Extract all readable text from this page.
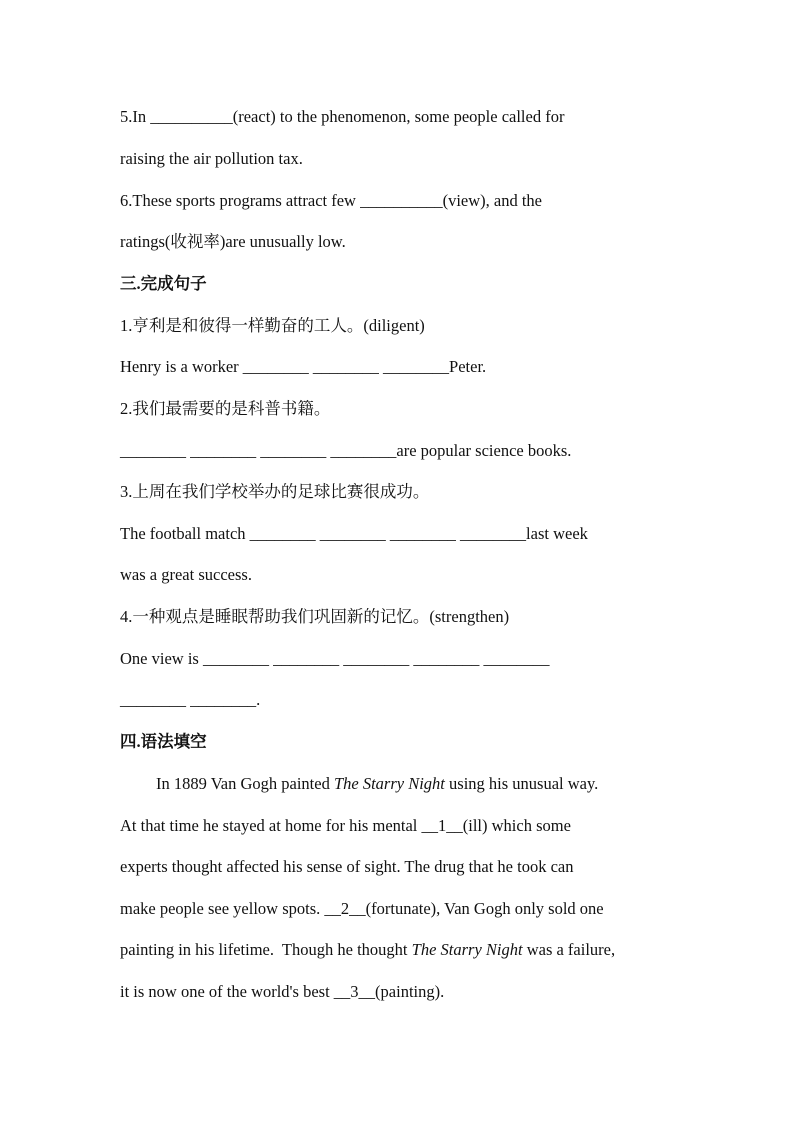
5.In __________(react) to the phenomenon, some people called for
raising the air pollution tax.
6.These sports programs attract few __________(view), and the
ratings(收视率)are unusually low.
三.完成句子
1.亨利是和彼得一样勤奋的工人。(diligent)
Henry is a worker ________ ________ ________Peter.
2.我们最需要的是科普书籍。
________ ________ ________ ________are popular science books.
3.上周在我们学校举办的足球比赛很成功。
The football match ________ ________ ________ ________last week
was a great success.
4.一种观点是睡眠帮助我们巩固新的记忆。(strengthen)
One view is ________ ________ ________ ________ ________
________ ________.
四.语法填空
In 1889 Van Gogh painted The Starry Night using his unusual way.
At that time he stayed at home for his mental __1__(ill) which some
experts thought affected his sense of sight. The drug that he took can
make people see yellow spots. __2__(fortunate), Van Gogh only sold one
painting in his lifetime.  Though he thought The Starry Night was a failure,
it is now one of the world's best __3__(painting).
